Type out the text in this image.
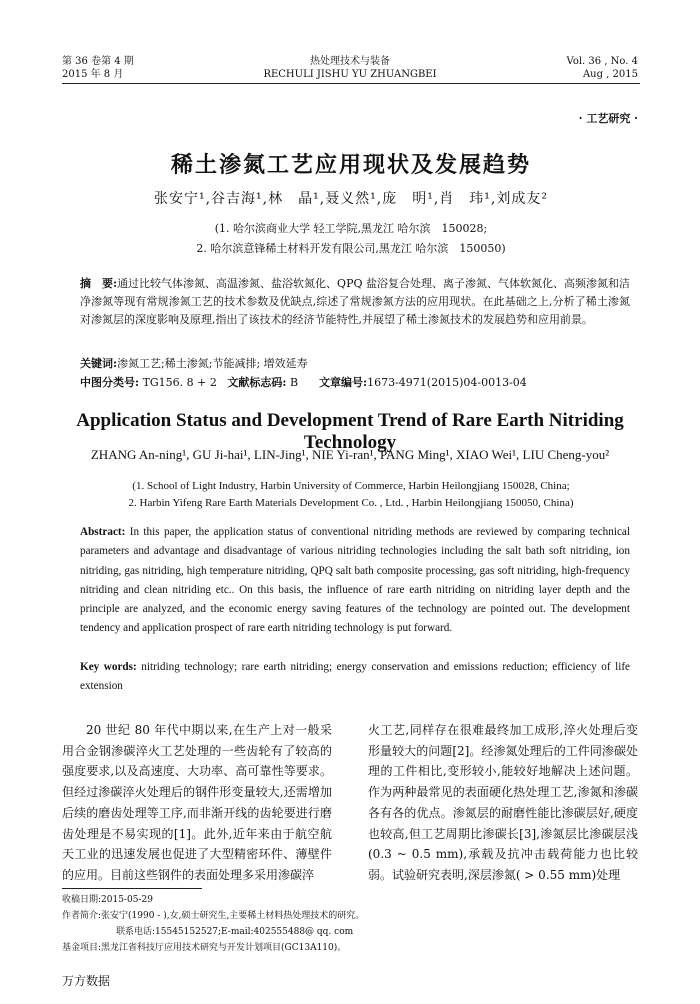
第 36 卷第 4 期
2015 年 8 月
热处理技术与装备
RECHULI JISHU YU ZHUANGBEI
Vol. 36 , No. 4
Aug , 2015
· 工艺研究 ·
稀土渗氮工艺应用现状及发展趋势
张安宁¹,谷吉海¹,林　晶¹,聂义然¹,庞　明¹,肖　玮¹,刘成友²
(1. 哈尔滨商业大学 轻工学院,黑龙江 哈尔滨　150028;
2. 哈尔滨意锋稀土材料开发有限公司,黑龙江 哈尔滨　150050)
摘　要:通过比较气体渗氮、高温渗氮、盐浴软氮化、QPQ 盐浴复合处理、离子渗氮、气体软氮化、高频渗氮和洁净渗氮等现有常规渗氮工艺的技术参数及优缺点,综述了常规渗氮方法的应用现状。在此基础之上,分析了稀土渗氮对渗氮层的深度影响及原理,指出了该技术的经济节能特性,并展望了稀土渗氮技术的发展趋势和应用前景。
关键词:渗氮工艺;稀土渗氮;节能减排; 增效延寿
中图分类号: TG156. 8 + 2 文献标志码: B 文章编号:1673-4971(2015)04-0013-04
Application Status and Development Trend of Rare Earth Nitriding Technology
ZHANG An-ning¹, GU Ji-hai¹, LIN-Jing¹, NIE Yi-ran¹, PANG Ming¹, XIAO Wei¹, LIU Cheng-you²
(1. School of Light Industry, Harbin University of Commerce, Harbin Heilongjiang 150028, China;
2. Harbin Yifeng Rare Earth Materials Development Co. , Ltd. , Harbin Heilongjiang 150050, China)
Abstract: In this paper, the application status of conventional nitriding methods are reviewed by comparing technical parameters and advantage and disadvantage of various nitriding technologies including the salt bath soft nitriding, ion nitriding, gas nitriding, high temperature nitriding, QPQ salt bath composite processing, gas soft nitriding, high-frequency nitriding and clean nitriding etc.. On this basis, the influence of rare earth nitriding on nitriding layer depth and the principle are analyzed, and the economic energy saving features of the technology are pointed out. The development tendency and application prospect of rare earth nitriding technology is put forward.
Key words: nitriding technology; rare earth nitriding; energy conservation and emissions reduction; efficiency of life extension
20 世纪 80 年代中期以来,在生产上对一般采用合金钢渗碳淬火工艺处理的一些齿轮有了较高的强度要求,以及高速度、大功率、高可靠性等要求。但经过渗碳淬火处理后的钢件形变量较大,还需增加后续的磨齿处理等工序,而非渐开线的齿轮要进行磨齿处理是不易实现的[1]。此外,近年来由于航空航天工业的迅速发展也促进了大型精密环件、薄壁件的应用。目前这些钢件的表面处理多采用渗碳淬
火工艺,同样存在很难最终加工成形,淬火处理后变形量较大的问题[2]。经渗氮处理后的工件同渗碳处理的工件相比,变形较小,能较好地解决上述问题。作为两种最常见的表面硬化热处理工艺,渗氮和渗碳各有各的优点。渗氮层的耐磨性能比渗碳层好,硬度也较高,但工艺周期比渗碳长[3],渗氮层比渗碳层浅(0.3 ~ 0.5 mm),承载及抗冲击载荷能力也比较弱。试验研究表明,深层渗氮( > 0.55 mm)处理
收稿日期:2015-05-29
作者简介:张安宁(1990 - ),女,硕士研究生,主要稀土材料热处理技术的研究。
联系电话:15545152527;E-mail:402555488@ qq. com
基金项目:黑龙江省科技厅应用技术研究与开发计划项目(GC13A110)。
万方数据
